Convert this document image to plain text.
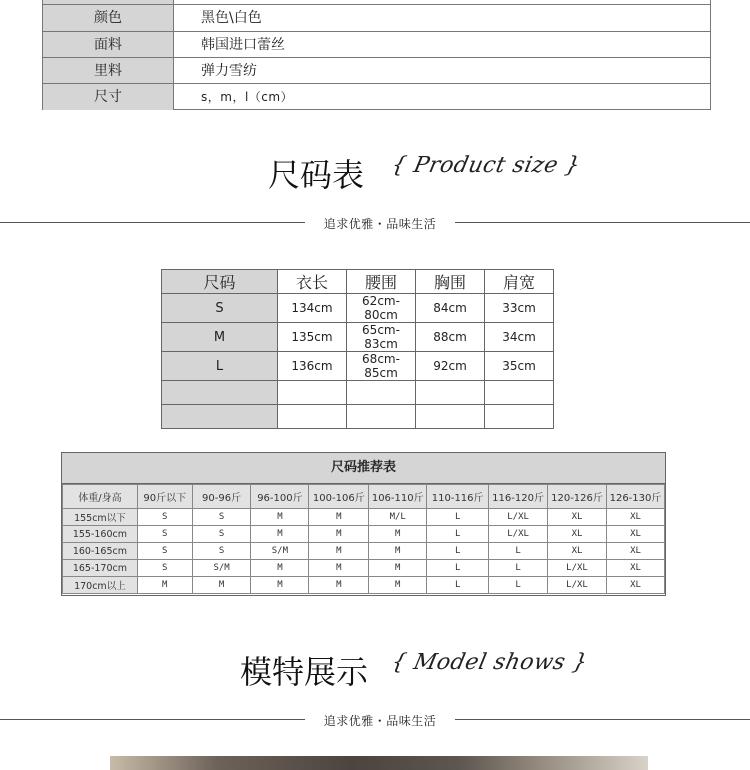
颜色	黑色\白色
面料	韩国进口蕾丝
里料	弹力雪纺
尺寸	s，m，l（cm）
尺码表 { Product size }
追求优雅・品味生活
尺码	衣长	腰围	胸围	肩宽
S	134cm	62cm-80cm	84cm	33cm
M	135cm	65cm-83cm	88cm	34cm
L	136cm	68cm-85cm	92cm	35cm

尺码推荐表
体重/身高	90斤以下	90-96斤	96-100斤	100-106斤	106-110斤	110-116斤	116-120斤	120-126斤	126-130斤
155cm以下	S	S	M	M	M/L	L	L/XL	XL	XL
155-160cm	S	S	M	M	M	L	L/XL	XL	XL
160-165cm	S	S	S/M	M	M	L	L	XL	XL
165-170cm	S	S/M	M	M	M	L	L	L/XL	XL
170cm以上	M	M	M	M	M	L	L	L/XL	XL
模特展示 { Model shows }
追求优雅・品味生活
